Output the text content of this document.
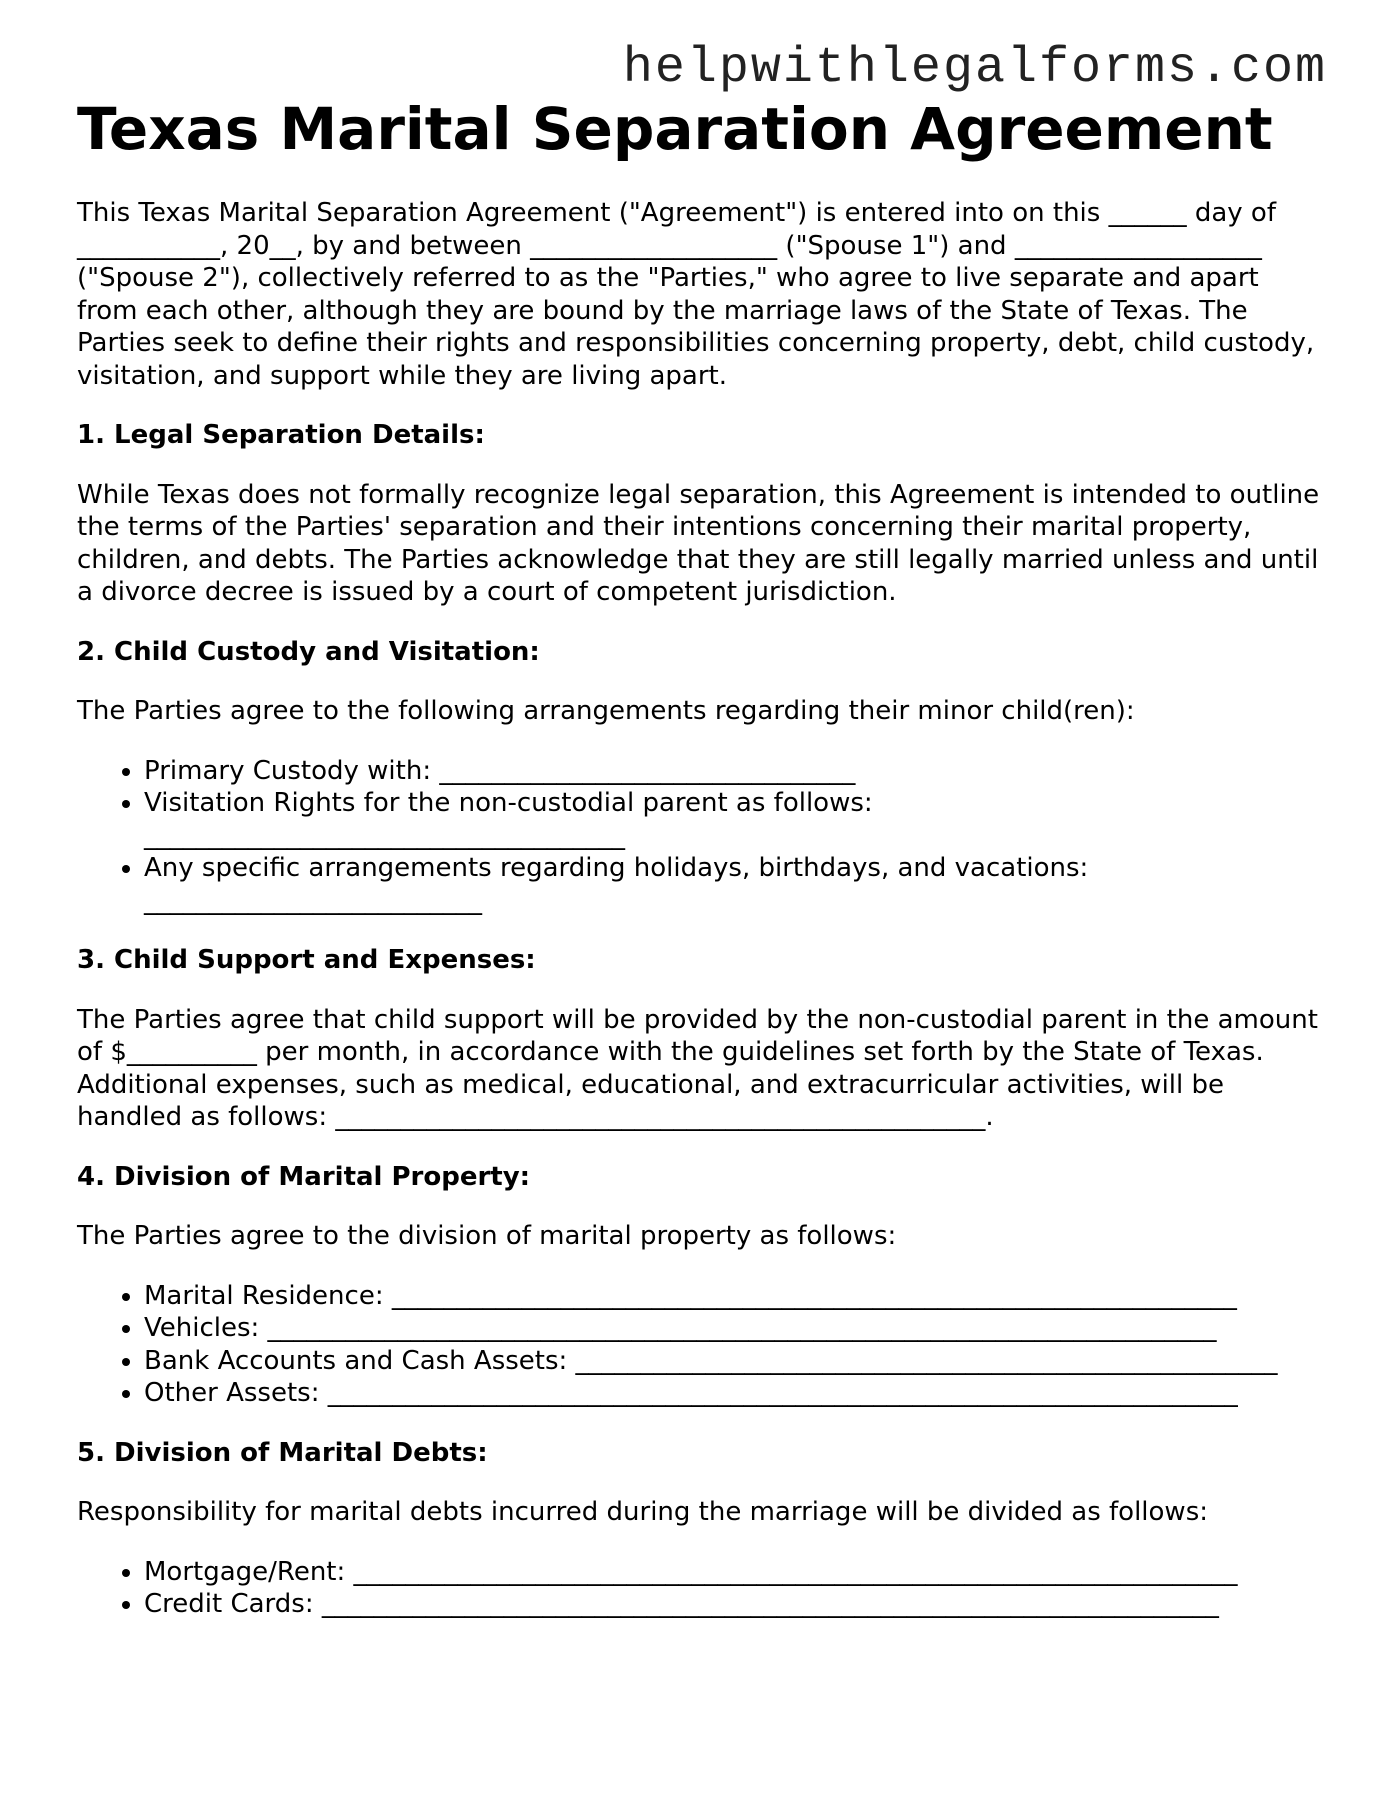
helpwithlegalforms.com
Texas Marital Separation Agreement

This Texas Marital Separation Agreement ("Agreement") is entered into on this ______ day of ___________, 20__, by and between ___________________ ("Spouse 1") and ___________________ ("Spouse 2"), collectively referred to as the "Parties," who agree to live separate and apart from each other, although they are bound by the marriage laws of the State of Texas. The Parties seek to define their rights and responsibilities concerning property, debt, child custody, visitation, and support while they are living apart.

1. Legal Separation Details:

While Texas does not formally recognize legal separation, this Agreement is intended to outline the terms of the Parties' separation and their intentions concerning their marital property, children, and debts. The Parties acknowledge that they are still legally married unless and until a divorce decree is issued by a court of competent jurisdiction.

2. Child Custody and Visitation:

The Parties agree to the following arrangements regarding their minor child(ren):

• Primary Custody with: ________________________________
• Visitation Rights for the non-custodial parent as follows: _____________________________________
• Any specific arrangements regarding holidays, birthdays, and vacations: __________________________
3. Child Support and Expenses:

The Parties agree that child support will be provided by the non-custodial parent in the amount of $__________ per month, in accordance with the guidelines set forth by the State of Texas. Additional expenses, such as medical, educational, and extracurricular activities, will be handled as follows: __________________________________________________.

4. Division of Marital Property:

The Parties agree to the division of marital property as follows:

• Marital Residence: _________________________________________________________________
• Vehicles: _________________________________________________________________________
• Bank Accounts and Cash Assets: ______________________________________________________
• Other Assets: ______________________________________________________________________
5. Division of Marital Debts:

Responsibility for marital debts incurred during the marriage will be divided as follows:

• Mortgage/Rent: ____________________________________________________________________
• Credit Cards: _____________________________________________________________________
